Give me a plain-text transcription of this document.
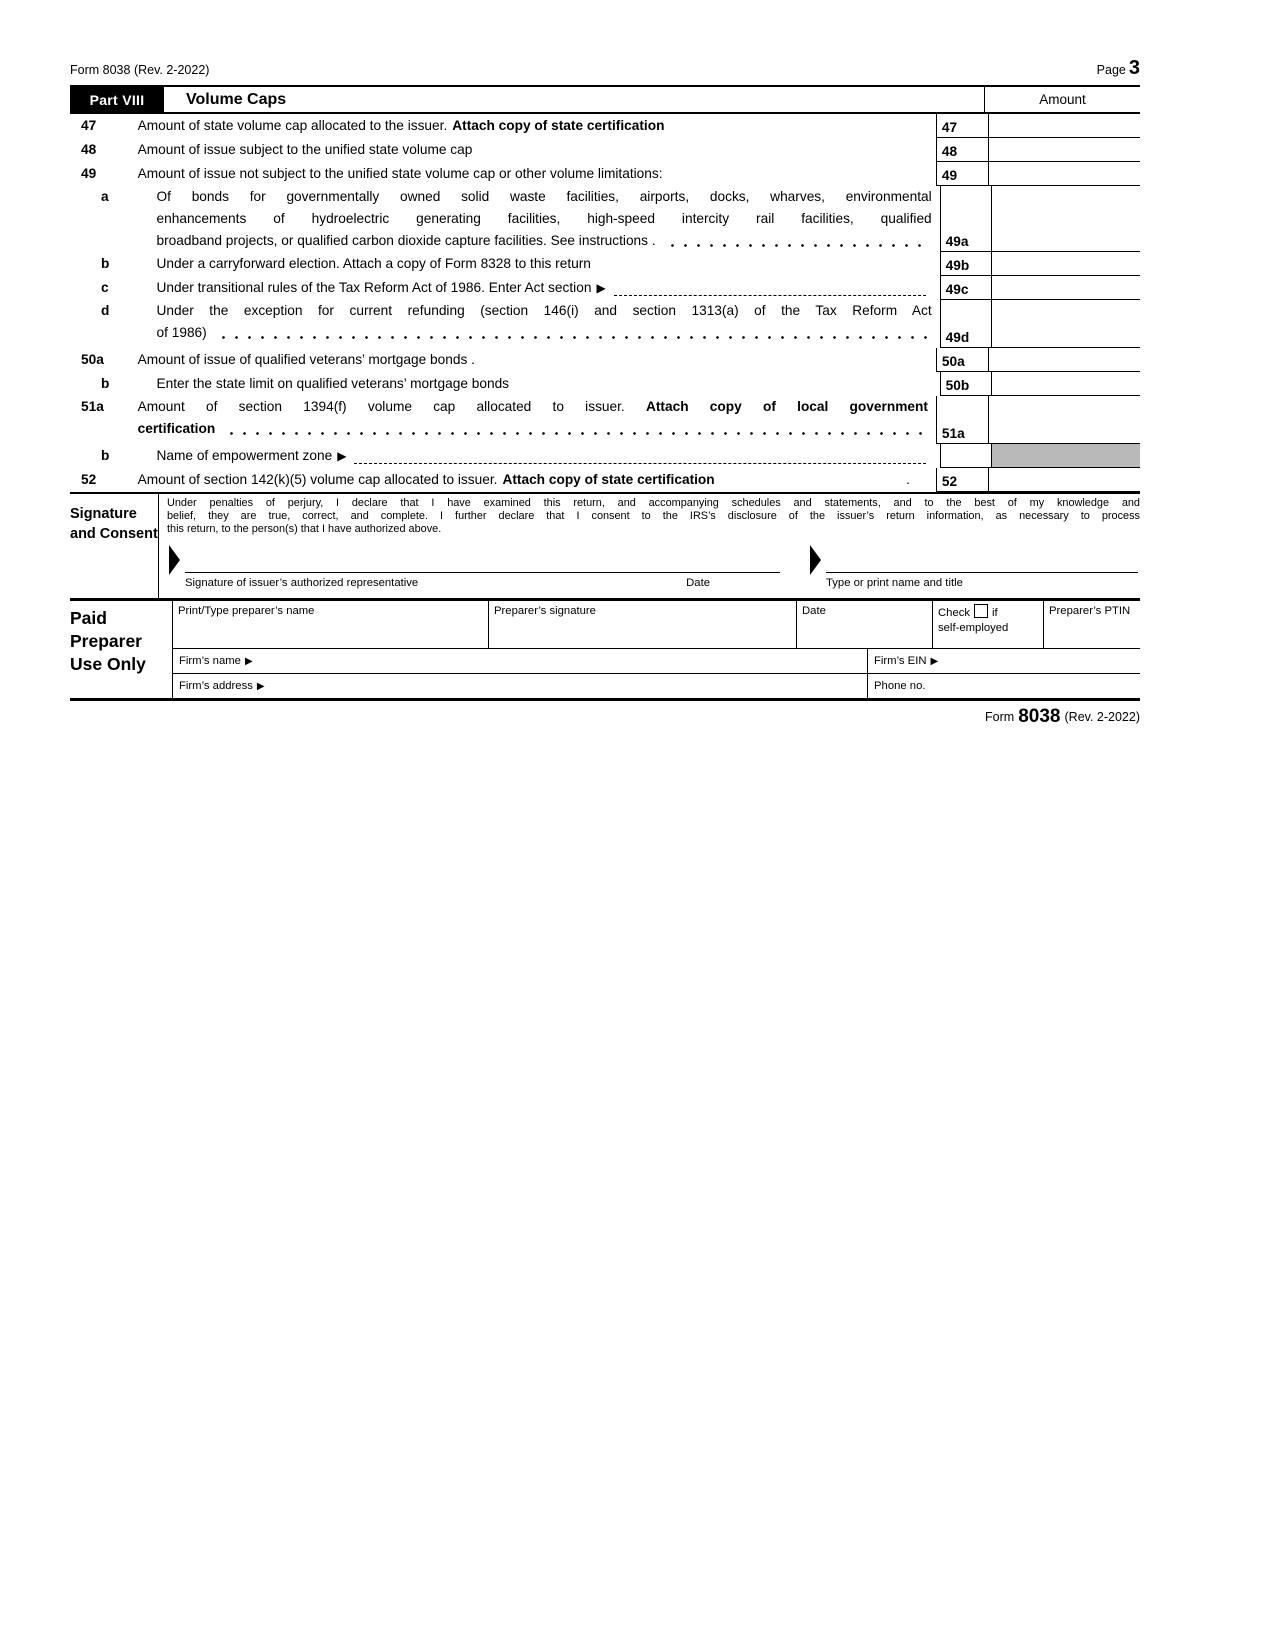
Form 8038 (Rev. 2-2022)	Page 3
Part VIII	Volume Caps	Amount
47	Amount of state volume cap allocated to the issuer. Attach copy of state certification	47
48	Amount of issue subject to the unified state volume cap	48
49	Amount of issue not subject to the unified state volume cap or other volume limitations:	49
a	Of bonds for governmentally owned solid waste facilities, airports, docks, wharves, environmental
enhancements of hydroelectric generating facilities, high-speed intercity rail facilities, qualified
broadband projects, or qualified carbon dioxide capture facilities. See instructions .	49a
b	Under a carryforward election. Attach a copy of Form 8328 to this return	49b
c	Under transitional rules of the Tax Reform Act of 1986. Enter Act section ▶	49c
d	Under the exception for current refunding (section 146(i) and section 1313(a) of the Tax Reform Act
of 1986)	49d
50a	Amount of issue of qualified veterans’ mortgage bonds .	50a
b	Enter the state limit on qualified veterans’ mortgage bonds	50b
51a	Amount of section 1394(f) volume cap allocated to issuer. Attach copy of local government
certification	51a
b	Name of empowerment zone ▶
52	Amount of section 142(k)(5) volume cap allocated to issuer. Attach copy of state certification	.	52
Signature and Consent
Under penalties of perjury, I declare that I have examined this return, and accompanying schedules and statements, and to the best of my knowledge and
belief, they are true, correct, and complete. I further declare that I consent to the IRS’s disclosure of the issuer’s return information, as necessary to process
this return, to the person(s) that I have authorized above.
Signature of issuer’s authorized representative	Date	Type or print name and title
Paid Preparer Use Only
Print/Type preparer’s name	Preparer’s signature	Date	Check if
self-employed
Preparer’s PTIN
Firm’s name ▶	Firm’s EIN ▶
Firm’s address ▶	Phone no.
Form 8038 (Rev. 2-2022)
